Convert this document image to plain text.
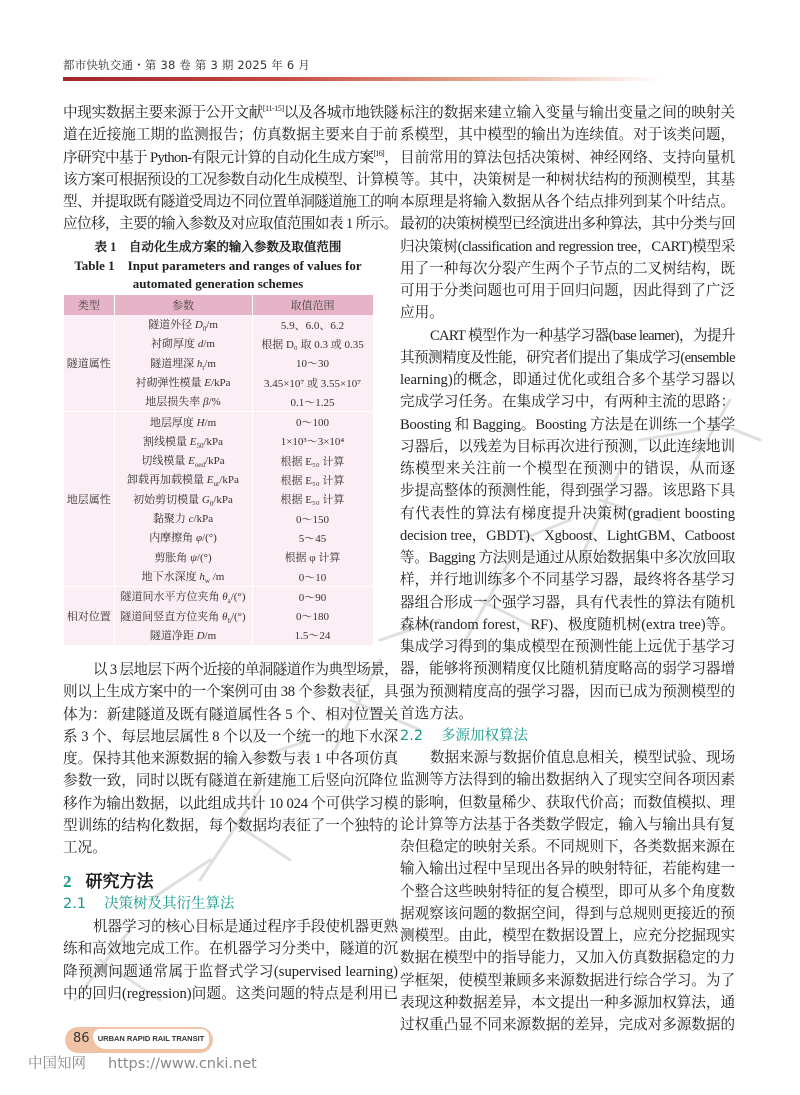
都市快轨交通・第 38 卷 第 3 期 2025 年 6 月
中现实数据主要来源于公开文献[11-15]以及各城市地铁隧
道在近接施工期的监测报告；仿真数据主要来自于前
序研究中基于 Python-有限元计算的自动化生成方案[16]，
该方案可根据预设的工况参数自动化生成模型、计算模
型、并提取既有隧道受周边不同位置单洞隧道施工的响
应位移，主要的输入参数及对应取值范围如表 1 所示。
表 1　自动化生成方案的输入参数及取值范围
Table 1　Input parameters and ranges of values for
automated generation schemes
类型	参数	取值范围
隧道属性	隧道外径 $D_0/m$	5.9、6.0、6.2
	衬砌厚度 d/m	根据 D₀ 取 0.3 或 0.35
	隧道埋深 $h_t/m$	10～30
	衬砌弹性模量 E/kPa	3.45×10⁷ 或 3.55×10⁷
	地层损失率 β/%	0.1～1.25
地层属性	地层厚度 H/m	0～100
	割线模量 $E_{50}$/kPa	1×10³～3×10⁴
	切线模量 $E_{oed}$/kPa	根据 E₅₀ 计算
	卸载再加载模量 $E_{ur}$/kPa	根据 E₅₀ 计算
	初始剪切模量 $G_0$/kPa	根据 E₅₀ 计算
	黏聚力 c/kPa	0～150
	内摩擦角 φ/(°)	5～45
	剪胀角 ψ/(°)	根据 φ 计算
	地下水深度 $h_w$ /m	0～10
相对位置	隧道间水平方位夹角 $\theta_a/(^\circ)$	0～90
	隧道间竖直方位夹角 $\theta_b/(^\circ)$	0～180
	隧道净距 D/m	1.5～24
以 3 层地层下两个近接的单洞隧道作为典型场景，
则以上生成方案中的一个案例可由 38 个参数表征，具
体为：新建隧道及既有隧道属性各 5 个、相对位置关
系 3 个、每层地层属性 8 个以及一个统一的地下水深
度。保持其他来源数据的输入参数与表 1 中各项仿真
参数一致，同时以既有隧道在新建施工后竖向沉降位
移作为输出数据，以此组成共计 10 024 个可供学习模
型训练的结构化数据，每个数据均表征了一个独特的
工况。
2 研究方法
2.1 决策树及其衍生算法
机器学习的核心目标是通过程序手段使机器更熟
练和高效地完成工作。在机器学习分类中，隧道的沉
降预测问题通常属于监督式学习(supervised learning)
中的回归(regression)问题。这类问题的特点是利用已
标注的数据来建立输入变量与输出变量之间的映射关
系模型，其中模型的输出为连续值。对于该类问题，
目前常用的算法包括决策树、神经网络、支持向量机
等。其中，决策树是一种树状结构的预测模型，其基
本原理是将输入数据从各个结点排列到某个叶结点。
最初的决策树模型已经演进出多种算法，其中分类与回
归决策树(classification and regression tree，CART)模型采
用了一种每次分裂产生两个子节点的二叉树结构，既
可用于分类问题也可用于回归问题，因此得到了广泛
应用。
CART 模型作为一种基学习器(base learner)，为提升
其预测精度及性能，研究者们提出了集成学习(ensemble
learning)的概念，即通过优化或组合多个基学习器以
完成学习任务。在集成学习中，有两种主流的思路：
Boosting 和 Bagging。Boosting 方法是在训练一个基学
习器后，以残差为目标再次进行预测，以此连续地训
练模型来关注前一个模型在预测中的错误，从而逐
步提高整体的预测性能，得到强学习器。该思路下具
有代表性的算法有梯度提升决策树(gradient boosting
decision tree，GBDT)、Xgboost、LightGBM、Catboost
等。Bagging 方法则是通过从原始数据集中多次放回取
样，并行地训练多个不同基学习器，最终将各基学习
器组合形成一个强学习器，具有代表性的算法有随机
森林(random forest，RF)、极度随机树(extra tree)等。
集成学习得到的集成模型在预测性能上远优于基学习
器，能够将预测精度仅比随机猜度略高的弱学习器增
强为预测精度高的强学习器，因而已成为预测模型的
首选方法。
2.2 多源加权算法
数据来源与数据价值息息相关，模型试验、现场
监测等方法得到的输出数据纳入了现实空间各项因素
的影响，但数量稀少、获取代价高；而数值模拟、理
论计算等方法基于各类数学假定，输入与输出具有复
杂但稳定的映射关系。不同规则下，各类数据来源在
输入输出过程中呈现出各异的映射特征，若能构建一
个整合这些映射特征的复合模型，即可从多个角度数
据观察该问题的数据空间，得到与总规则更接近的预
测模型。由此，模型在数据设置上，应充分挖掘现实
数据在模型中的指导能力，又加入仿真数据稳定的力
学框架，使模型兼顾多来源数据进行综合学习。为了
表现这种数据差异，本文提出一种多源加权算法，通
过权重凸显不同来源数据的差异，完成对多源数据的
86	URBAN RAPID RAIL TRANSIT
中国知网 https://www.cnki.net
